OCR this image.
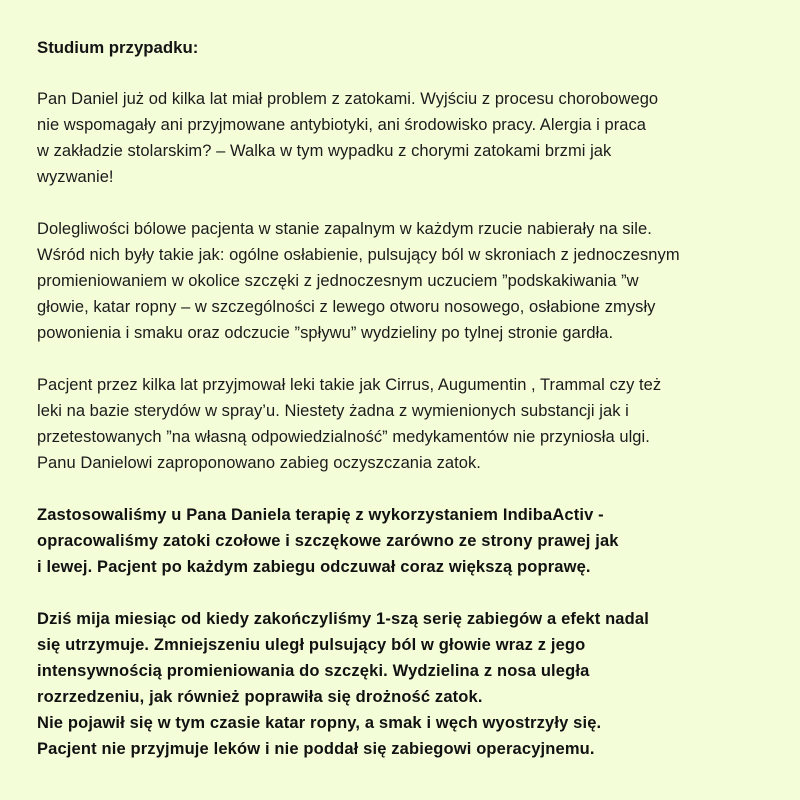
Studium przypadku:
Pan Daniel już od kilka lat miał problem z zatokami. Wyjściu z procesu chorobowego
nie wspomagały ani przyjmowane antybiotyki, ani środowisko pracy. Alergia i praca
w zakładzie stolarskim? – Walka w tym wypadku z chorymi zatokami brzmi jak
wyzwanie!
Dolegliwości bólowe pacjenta w stanie zapalnym w każdym rzucie nabierały na sile.
Wśród nich były takie jak: ogólne osłabienie, pulsujący ból w skroniach z jednoczesnym
promieniowaniem w okolice szczęki z jednoczesnym uczuciem ”podskakiwania ”w
głowie, katar ropny – w szczególności z lewego otworu nosowego, osłabione zmysły
powonienia i smaku oraz odczucie ”spływu” wydzieliny po tylnej stronie gardła.
Pacjent przez kilka lat przyjmował leki takie jak Cirrus, Augumentin , Trammal czy też
leki na bazie sterydów w spray’u. Niestety żadna z wymienionych substancji jak i
przetestowanych ”na własną odpowiedzialność” medykamentów nie przyniosła ulgi.
Panu Danielowi zaproponowano zabieg oczyszczania zatok.
Zastosowaliśmy u Pana Daniela terapię z wykorzystaniem IndibaActiv -
opracowaliśmy zatoki czołowe i szczękowe zarówno ze strony prawej jak
i lewej. Pacjent po każdym zabiegu odczuwał coraz większą poprawę.
Dziś mija miesiąc od kiedy zakończyliśmy 1-szą serię zabiegów a efekt nadal
się utrzymuje. Zmniejszeniu uległ pulsujący ból w głowie wraz z jego
intensywnością promieniowania do szczęki. Wydzielina z nosa uległa
rozrzedzeniu, jak również poprawiła się drożność zatok.
Nie pojawił się w tym czasie katar ropny, a smak i węch wyostrzyły się.
Pacjent nie przyjmuje leków i nie poddał się zabiegowi operacyjnemu.
